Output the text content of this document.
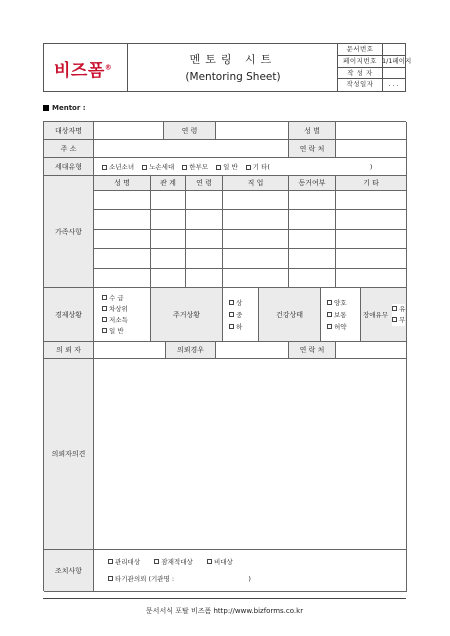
비즈폼®
멘토링 시트
(Mentoring Sheet)
문서번호
페이지번호 1/1페이지
작 성 자
작성일자	. . .
Mentor :
대상자명	연 령	성 별
주 소	연 락 처
세대유형	소년소녀	노손세대	한부모	일 반	기 타(	)
가족사항
성 명	관 계	연 령	직 업	동거여부	기 타
경제상황
수 급
차상위
저소득
일 반
주거상황
상
중
하
건강상태
양호
보통
허약
장애유무
유
무
의 뢰 자	의뢰경우	연 락 처
의뢰자의견
조치사항
관리대상	잠재적대상	비대상
타기관의뢰 (기관명 :	)
문서서식 포탈 비즈폼 http://www.bizforms.co.kr
